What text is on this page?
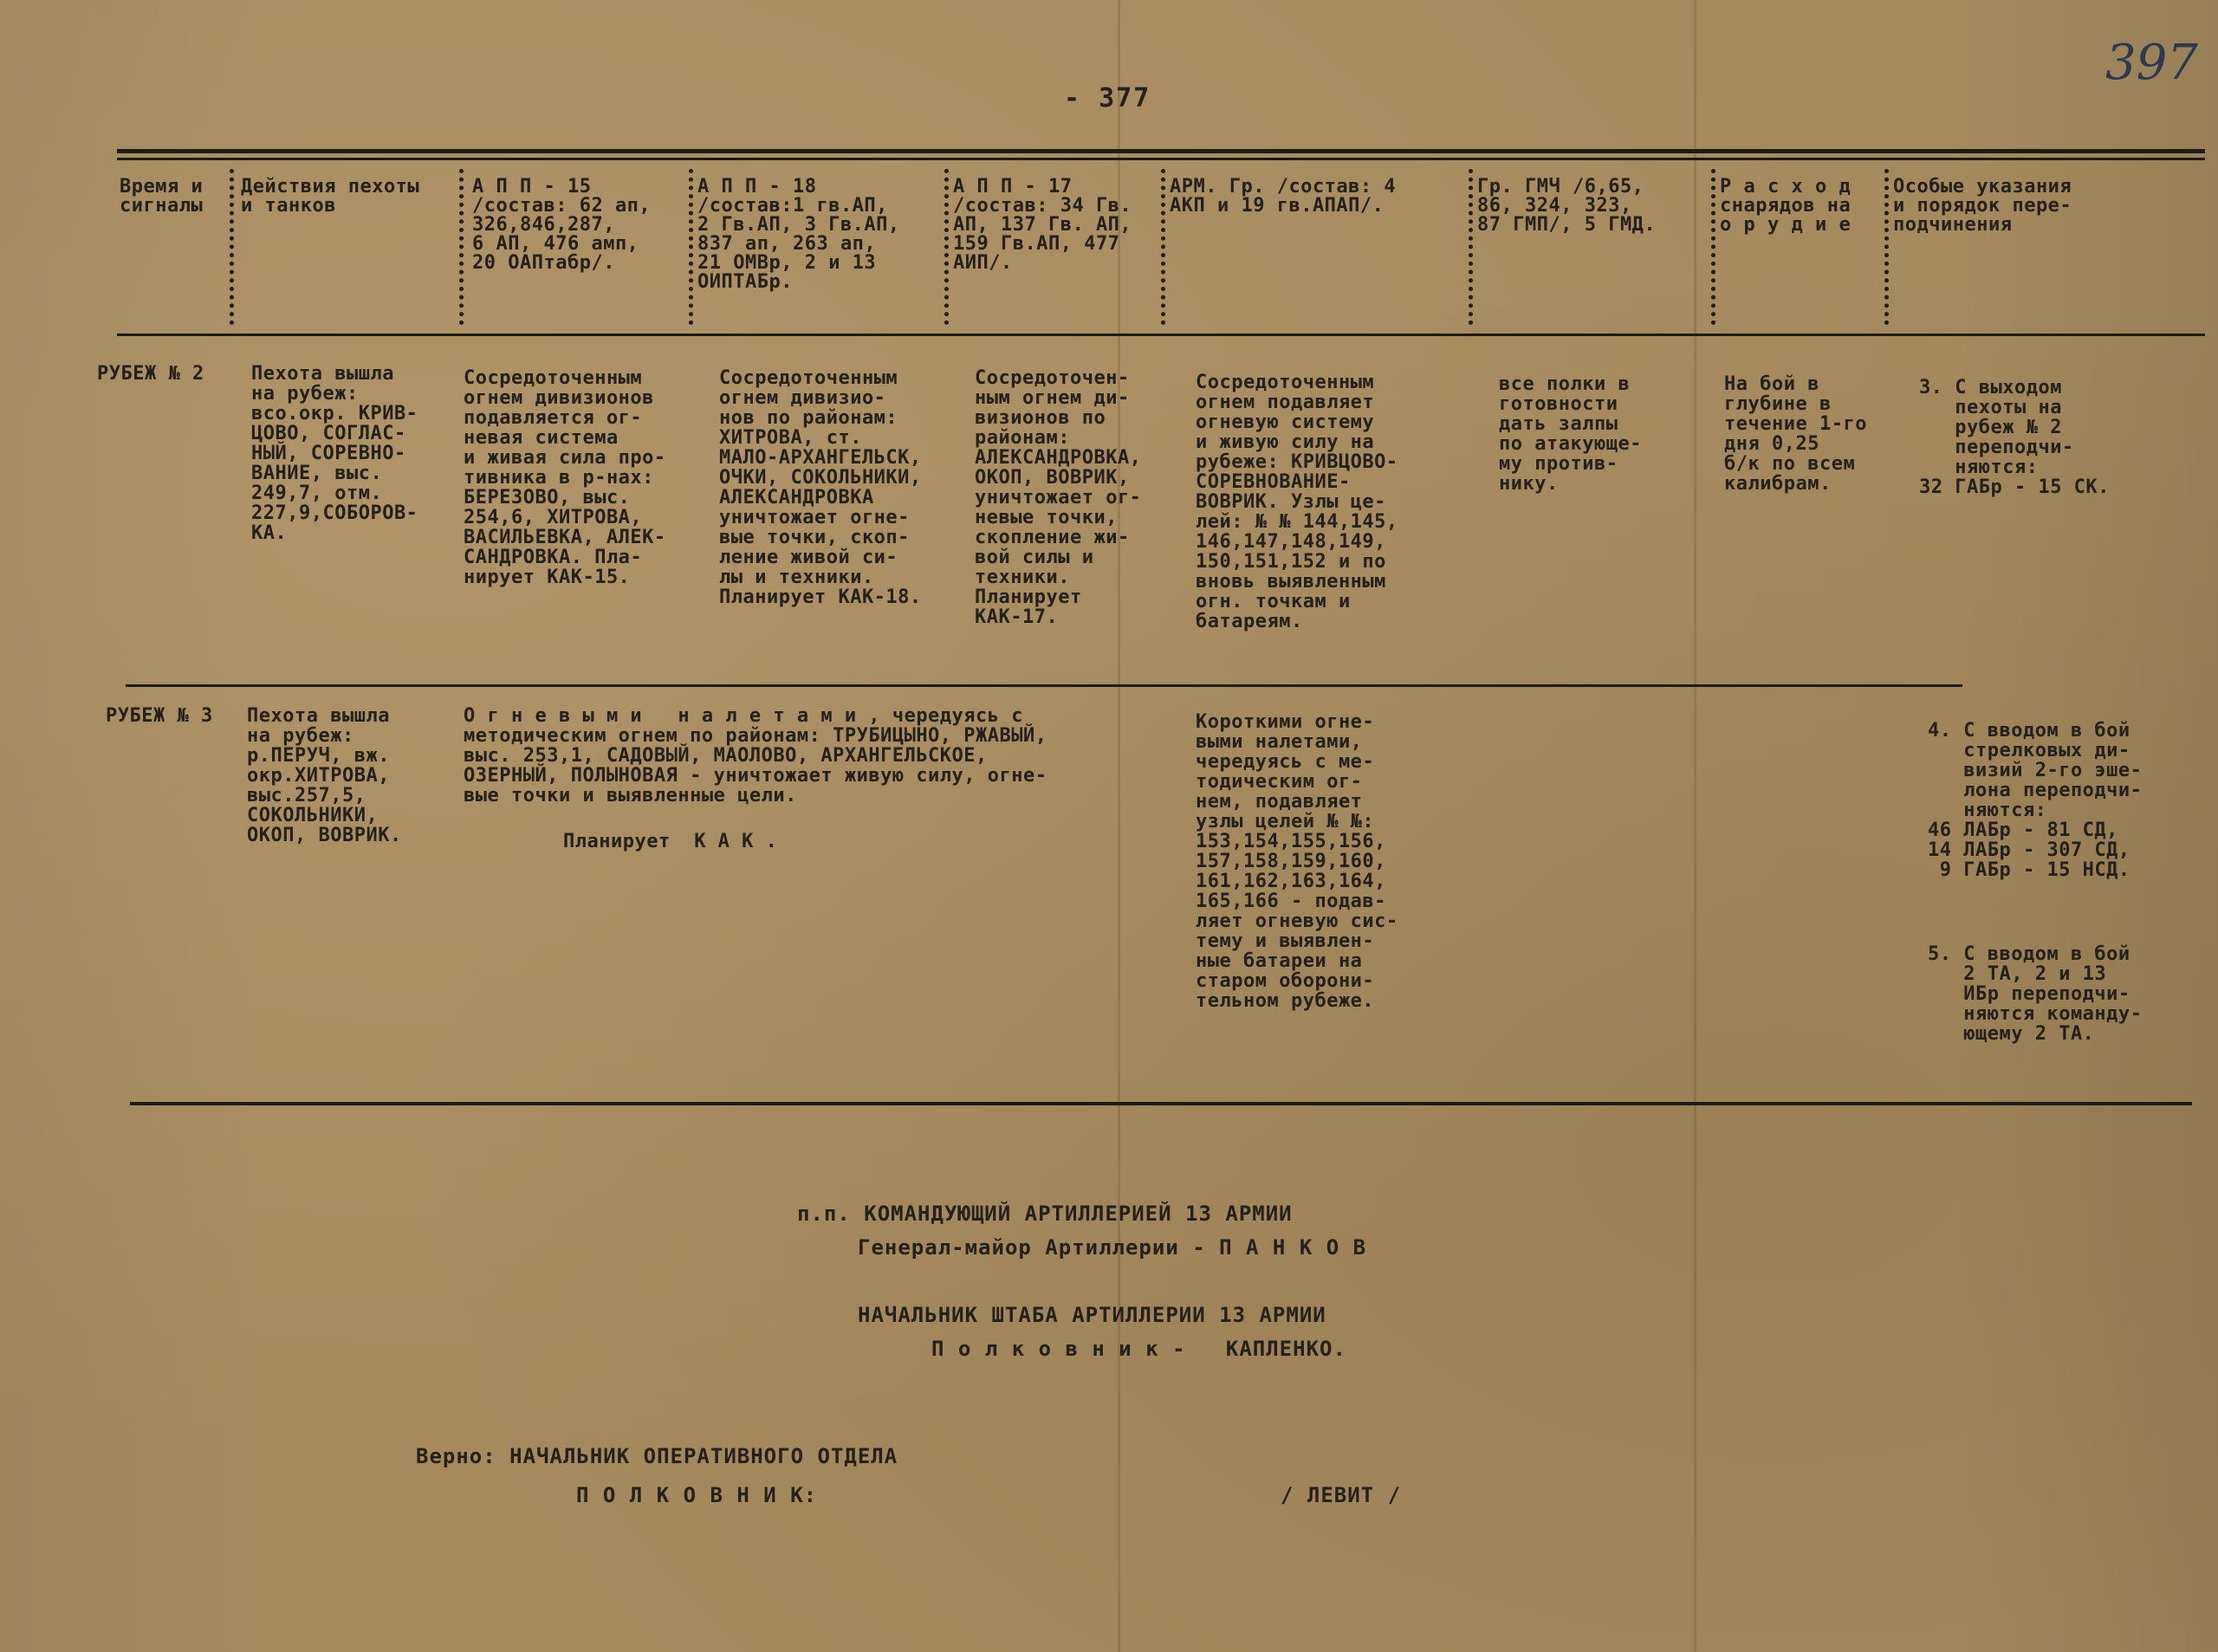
- 377
397
Время и
сигналы
Действия пехоты
и танков
А П П - 15
/состав: 62 ап,
326,846,287,
6 АП, 476 амп,
20 ОАПтабр/.
А П П - 18
/состав:1 гв.АП,
2 Гв.АП, 3 Гв.АП,
837 ап, 263 ап,
21 ОМВр, 2 и 13
ОИПТАБр.
А П П - 17
/состав: 34 Гв.
АП, 137 Гв. АП,
159 Гв.АП, 477
АИП/.
АРМ. Гр. /состав: 4
АКП и 19 гв.АПАП/.
Гр. ГМЧ /6,65,
86, 324, 323,
87 ГМП/, 5 ГМД.
Р а с х о д
снарядов на
о р у д и е
Особые указания
и порядок пере-
подчинения
РУБЕЖ № 2 Пехота вышла
на рубеж:
всо.окр. КРИВ-
ЦОВО, СОГЛАС-
НЫЙ, СОРЕВНО-
ВАНИЕ, выс.
249,7, отм.
227,9,СОБОРОВ-
КА.
Сосредоточенным
огнем дивизионов
подавляется ог-
невая система
и живая сила про-
тивника в р-нах:
БЕРЕЗОВО, выс.
254,6, ХИТРОВА,
ВАСИЛЬЕВКА, АЛЕК-
САНДРОВКА. Пла-
нирует КАК-15.
Сосредоточенным
огнем дивизио-
нов по районам:
ХИТРОВА, ст.
МАЛО-АРХАНГЕЛЬСК,
ОЧКИ, СОКОЛЬНИКИ,
АЛЕКСАНДРОВКА
уничтожает огне-
вые точки, скоп-
ление живой си-
лы и техники.
Планирует КАК-18.
Сосредоточен-
ным огнем ди-
визионов по
районам:
АЛЕКСАНДРОВКА,
ОКОП, ВОВРИК,
уничтожает ог-
невые точки,
скопление жи-
вой силы и
техники.
Планирует
КАК-17.
Сосредоточенным
огнем подавляет
огневую систему
и живую силу на
рубеже: КРИВЦОВО-
СОРЕВНОВАНИЕ-
ВОВРИК. Узлы це-
лей: № № 144,145,
146,147,148,149,
150,151,152 и по
вновь выявленным
огн. точкам и
батареям.
все полки в
готовности
дать залпы
по атакующе-
му против-
нику.
На бой в
глубине в
течение 1-го
дня 0,25
б/к по всем
калибрам.
3. С выходом
пехоты на
рубеж № 2
переподчи-
няются:
32 ГАБр - 15 СК.
РУБЕЖ № 3 Пехота вышла
на рубеж:
р.ПЕРУЧ, вж.
окр.ХИТРОВА,
выс.257,5,
СОКОЛЬНИКИ,
ОКОП, ВОВРИК.
О г н е в ы м и   н а л е т а м и , чередуясь с
методическим огнем по районам: ТРУБИЦЫНО, РЖАВЫЙ,
выс. 253,1, САДОВЫЙ, МАОЛОВО, АРХАНГЕЛЬСКОЕ,
ОЗЕРНЫЙ, ПОЛЫНОВАЯ - уничтожает живую силу, огне-
вые точки и выявленные цели.
Планирует  К А К .
Короткими огне-
выми налетами,
чередуясь с ме-
тодическим ог-
нем, подавляет
узлы целей № №:
153,154,155,156,
157,158,159,160,
161,162,163,164,
165,166 - подав-
ляет огневую сис-
тему и выявлен-
ные батареи на
старом оборони-
тельном рубеже.
4. С вводом в бой
стрелковых ди-
визий 2-го эше-
лона переподчи-
няются:
46 ЛАБр - 81 СД,
14 ЛАБр - 307 СД,
9 ГАБр - 15 НСД.
5. С вводом в бой
2 ТА, 2 и 13
ИБр переподчи-
няются команду-
ющему 2 ТА.
п.п. КОМАНДУЮЩИЙ АРТИЛЛЕРИЕЙ 13 АРМИИ
Генерал-майор Артиллерии - П А Н К О В
НАЧАЛЬНИК ШТАБА АРТИЛЛЕРИИ 13 АРМИИ
П о л к о в н и к -   КАПЛЕНКО.
Верно: НАЧАЛЬНИК ОПЕРАТИВНОГО ОТДЕЛА
П О Л К О В Н И К:	/ ЛЕВИТ /
